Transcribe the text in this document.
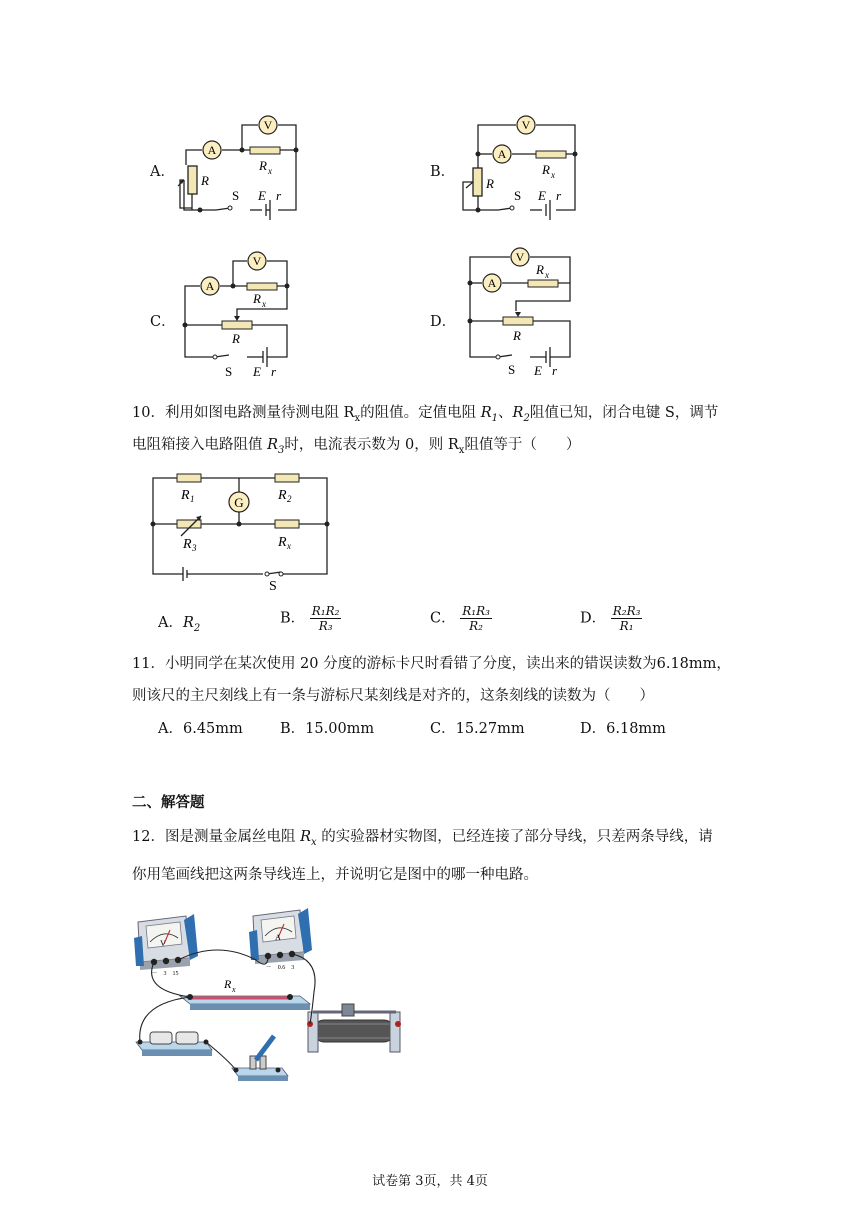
A．
V
A
R x
R
S E r
B．
V
A
R x
R
S E r
C．
V
A
R x
R
S E r
D．
V
A
R x
R
S E r
10．利用如图电路测量待测电阻 $R_x$的阻值。定值电阻 $R_1$、$R_2$阻值已知，闭合电键 S，调节
电阻箱接入电路阻值 $R_3$时，电流表示数为 0，则 $R_x$阻值等于（　　）
G
R 1	R 2
R 3	R x
S
A．$R_2$
B． $\frac{\text{R₁R₂}}{\text{R₃}}$	C． $\frac{\text{R₁R₃}}{\text{R₂}}$	D． $\frac{\text{R₂R₃}}{\text{R₁}}$
11．小明同学在某次使用 20 分度的游标卡尺时看错了分度，读出来的错误读数为6.18mm，
则该尺的主尺刻线上有一条与游标尺某刻线是对齐的，这条刻线的读数为（　　）
A．6.45mm	B．15.00mm	C．15.27mm	D．6.18mm
二、解答题
12．图是测量金属丝电阻 $R_x$ 的实验器材实物图，已经连接了部分导线，只差两条导线，请
你用笔画线把这两条导线连上，并说明它是图中的哪一种电路。
V
－　3　15
A
－　0.6　3
R x
试卷第 3页，共 4页
